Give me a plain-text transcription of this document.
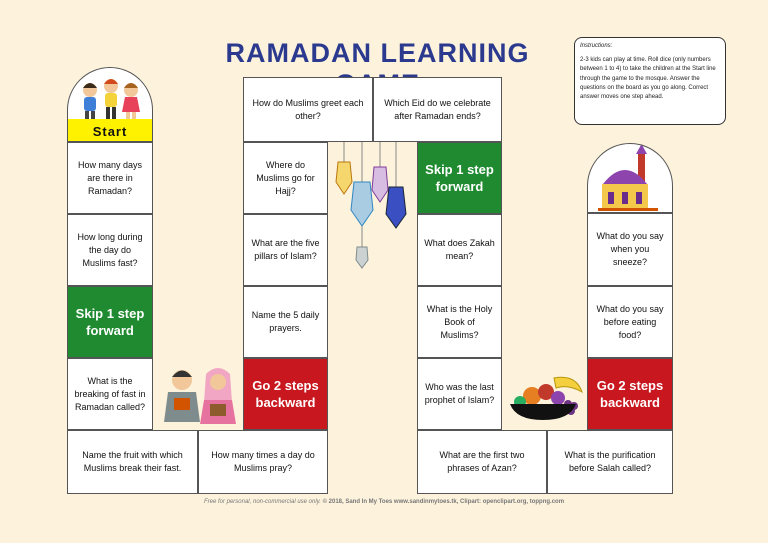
RAMADAN LEARNING	Instructions:
2-3 kids can play at time. Roll dice (only numbers between 1 to 4) to take the children at the Start line through the game to the mosque. Answer the questions on the board as you go along. Correct answer moves one step ahead.
Start
How many days are there in Ramadan?
How long during the day do Muslims fast?
Skip 1 step forward
What is the breaking of fast in Ramadan called?
Name the fruit with which Muslims break their fast.
How many times a day do Muslims pray?
Go 2 steps backward
Name the 5 daily prayers.
What are the five pillars of Islam?
Where do Muslims go for Hajj?
How do Muslims greet each other?
Which Eid do we celebrate after Ramadan ends?
Skip 1 step forward
What does Zakah mean?
What is the Holy Book of Muslims?
Who was the last prophet of Islam?
What are the first two phrases of Azan?
What is the purification before Salah called?
Go 2 steps backward
What do you say before eating food?
What do you say when you sneeze?
Free for personal, non-commercial use only. © 2018, Sand In My Toes www.sandinmytoes.tk, Clipart: openclipart.org, toppng.com
